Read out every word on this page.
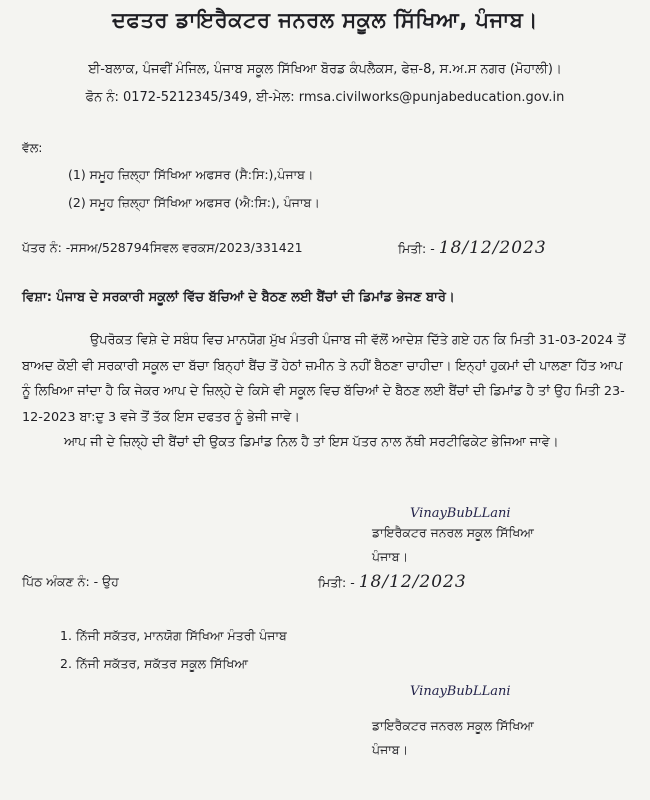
ਦਫਤਰ ਡਾਇਰੈਕਟਰ ਜਨਰਲ ਸਕੂਲ ਸਿੱਖਿਆ, ਪੰਜਾਬ।
ਈ-ਬਲਾਕ, ਪੰਜਵੀਂ ਮੰਜਿਲ, ਪੰਜਾਬ ਸਕੂਲ ਸਿੱਖਿਆ ਬੋਰਡ ਕੰਪਲੈਕਸ, ਫੇਜ਼-8, ਸ.ਅ.ਸ ਨਗਰ (ਮੋਹਾਲੀ)।
ਫੋਨ ਨੰ: 0172-5212345/349, ਈ-ਮੇਲ: rmsa.civilworks@punjabeducation.gov.in
ਵੱਲ:
(1) ਸਮੂਹ ਜ਼ਿਲ੍ਹਾ ਸਿੱਖਿਆ ਅਫਸਰ (ਸੈ:ਸਿ:),ਪੰਜਾਬ।
(2) ਸਮੂਹ ਜ਼ਿਲ੍ਹਾ ਸਿੱਖਿਆ ਅਫਸਰ (ਐ:ਸਿ:), ਪੰਜਾਬ।
ਪੱਤਰ ਨੰ: -ਸਸਅ/528794ਸਿਵਲ ਵਰਕਸ/2023/331421	ਮਿਤੀ: - 18/12/2023
ਵਿਸ਼ਾ: ਪੰਜਾਬ ਦੇ ਸਰਕਾਰੀ ਸਕੂਲਾਂ ਵਿੱਚ ਬੱਚਿਆਂ ਦੇ ਬੈਠਣ ਲਈ ਬੈਂਚਾਂ ਦੀ ਡਿਮਾਂਡ ਭੇਜਣ ਬਾਰੇ।
ਉਪਰੋਕਤ ਵਿਸ਼ੇ ਦੇ ਸਬੰਧ ਵਿਚ ਮਾਨਯੋਗ ਮੁੱਖ ਮੰਤਰੀ ਪੰਜਾਬ ਜੀ ਵੱਲੋਂ ਆਦੇਸ਼ ਦਿੱਤੇ ਗਏ ਹਨ ਕਿ ਮਿਤੀ 31-03-2024 ਤੋਂ ਬਾਅਦ ਕੋਈ ਵੀ ਸਰਕਾਰੀ ਸਕੂਲ ਦਾ ਬੱਚਾ ਬਿਨ੍ਹਾਂ ਬੈਂਚ ਤੋਂ ਹੇਠਾਂ ਜ਼ਮੀਨ ਤੇ ਨਹੀਂ ਬੈਠਣਾ ਚਾਹੀਦਾ। ਇਨ੍ਹਾਂ ਹੁਕਮਾਂ ਦੀ ਪਾਲਣਾ ਹਿੱਤ ਆਪ ਨੂੰ ਲਿਖਿਆ ਜਾਂਦਾ ਹੈ ਕਿ ਜੇਕਰ ਆਪ ਦੇ ਜ਼ਿਲ੍ਹੇ ਦੇ ਕਿਸੇ ਵੀ ਸਕੂਲ ਵਿਚ ਬੱਚਿਆਂ ਦੇ ਬੈਠਣ ਲਈ ਬੈਂਚਾਂ ਦੀ ਡਿਮਾਂਡ ਹੈ ਤਾਂ ਉਹ ਮਿਤੀ 23-12-2023 ਬਾ:ਦੁ 3 ਵਜੇ ਤੋਂ ਤੱਕ ਇਸ ਦਫਤਰ ਨੂੰ ਭੇਜੀ ਜਾਵੇ।
ਆਪ ਜੀ ਦੇ ਜ਼ਿਲ੍ਹੇ ਦੀ ਬੈਂਚਾਂ ਦੀ ਉਕਤ ਡਿਮਾਂਡ ਨਿਲ ਹੈ ਤਾਂ ਇਸ ਪੱਤਰ ਨਾਲ ਨੱਥੀ ਸਰਟੀਫਿਕੇਟ ਭੇਜਿਆ ਜਾਵੇ।
VinayBubLLani
ਡਾਇਰੈਕਟਰ ਜਨਰਲ ਸਕੂਲ ਸਿੱਖਿਆ
ਪੰਜਾਬ।
ਪਿੱਠ ਅੰਕਣ ਨੰ: - ਉਹ	ਮਿਤੀ: - 18/12/2023
1. ਨਿੱਜੀ ਸਕੱਤਰ, ਮਾਨਯੋਗ ਸਿੱਖਿਆ ਮੰਤਰੀ ਪੰਜਾਬ
2. ਨਿੱਜੀ ਸਕੱਤਰ, ਸਕੱਤਰ ਸਕੂਲ ਸਿੱਖਿਆ
VinayBubLLani
ਡਾਇਰੈਕਟਰ ਜਨਰਲ ਸਕੂਲ ਸਿੱਖਿਆ
ਪੰਜਾਬ।
